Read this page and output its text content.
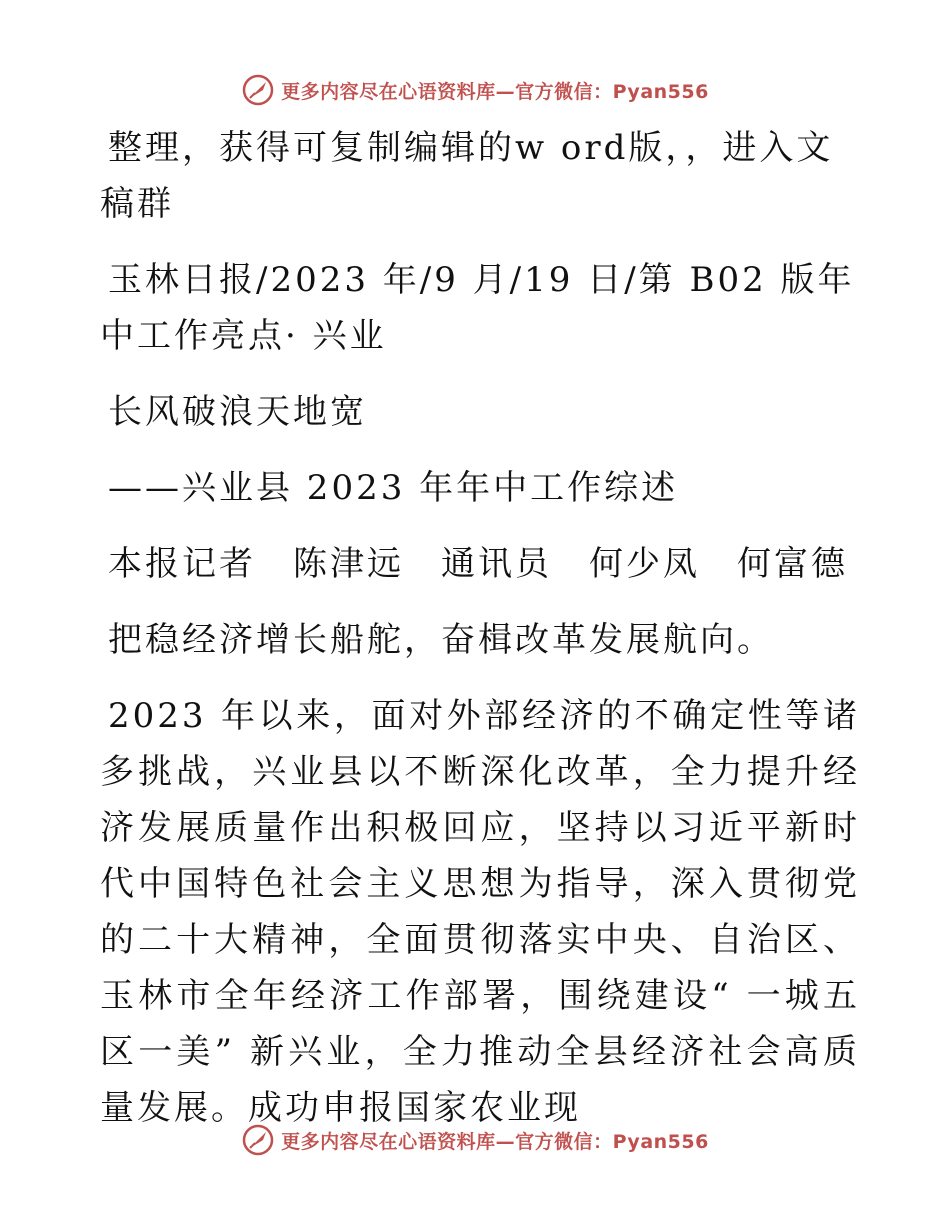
更多内容尽在心语资料库—官方微信：Pyan556

整理，获得可复制编辑的w ord版，，进入文稿群

玉林日报/2023 年/9 月/19 日/第 B02 版年中工作亮点· 兴业

长风破浪天地宽

——兴业县 2023 年年中工作综述

本报记者　陈津远　通讯员　何少凤　何富德

把稳经济增长船舵，奋楫改革发展航向。

2023 年以来，面对外部经济的不确定性等诸多挑战，兴业县以不断深化改革，全力提升经济发展质量作出积极回应，坚持以习近平新时代中国特色社会主义思想为指导，深入贯彻党的二十大精神，全面贯彻落实中央、自治区、玉林市全年经济工作部署，围绕建设“ 一城五区一美” 新兴业，全力推动全县经济社会高质量发展。成功申报国家农业现

更多内容尽在心语资料库—官方微信：Pyan556
